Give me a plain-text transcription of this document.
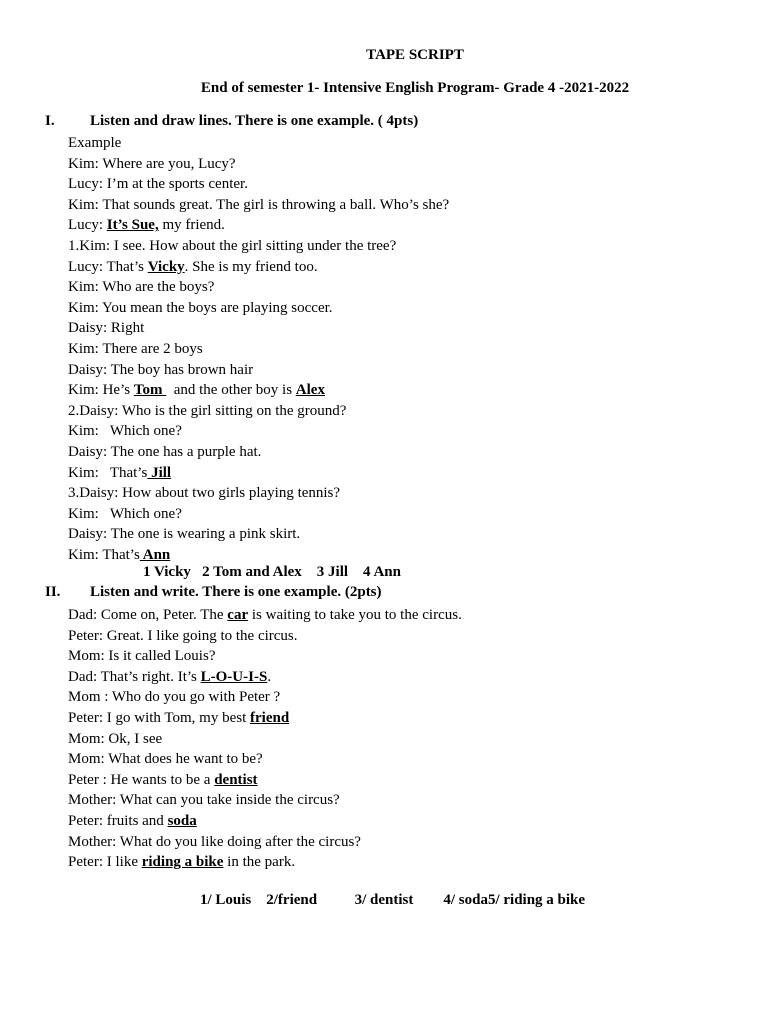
TAPE SCRIPT
End of semester 1- Intensive English Program- Grade 4 -2021-2022
I. Listen and draw lines. There is one example. ( 4pts)
Example
Kim: Where are you, Lucy?
Lucy: I’m at the sports center.
Kim: That sounds great. The girl is throwing a ball. Who’s she?
Lucy: It’s Sue, my friend.
1.Kim: I see. How about the girl sitting under the tree?
Lucy: That’s Vicky. She is my friend too.
Kim: Who are the boys?
Kim: You mean the boys are playing soccer.
Daisy: Right
Kim: There are 2 boys
Daisy: The boy has brown hair
Kim: He’s Tom   and the other boy is Alex
2.Daisy: Who is the girl sitting on the ground?
Kim:   Which one?
Daisy: The one has a purple hat.
Kim:   That’s Jill
3.Daisy: How about two girls playing tennis?
Kim:   Which one?
Daisy: The one is wearing a pink skirt.
Kim: That’s Ann
1 Vicky   2 Tom and Alex    3 Jill    4 Ann
II. Listen and write. There is one example. (2pts)
Dad: Come on, Peter. The car is waiting to take you to the circus.
Peter: Great. I like going to the circus.
Mom: Is it called Louis?
Dad: That’s right. It’s L-O-U-I-S.
Mom : Who do you go with Peter ?
Peter: I go with Tom, my best friend
Mom: Ok, I see
Mom: What does he want to be?
Peter : He wants to be a dentist
Mother: What can you take inside the circus?
Peter: fruits and soda
Mother: What do you like doing after the circus?
Peter: I like riding a bike in the park.
1/ Louis    2/friend          3/ dentist        4/ soda5/ riding a bike
